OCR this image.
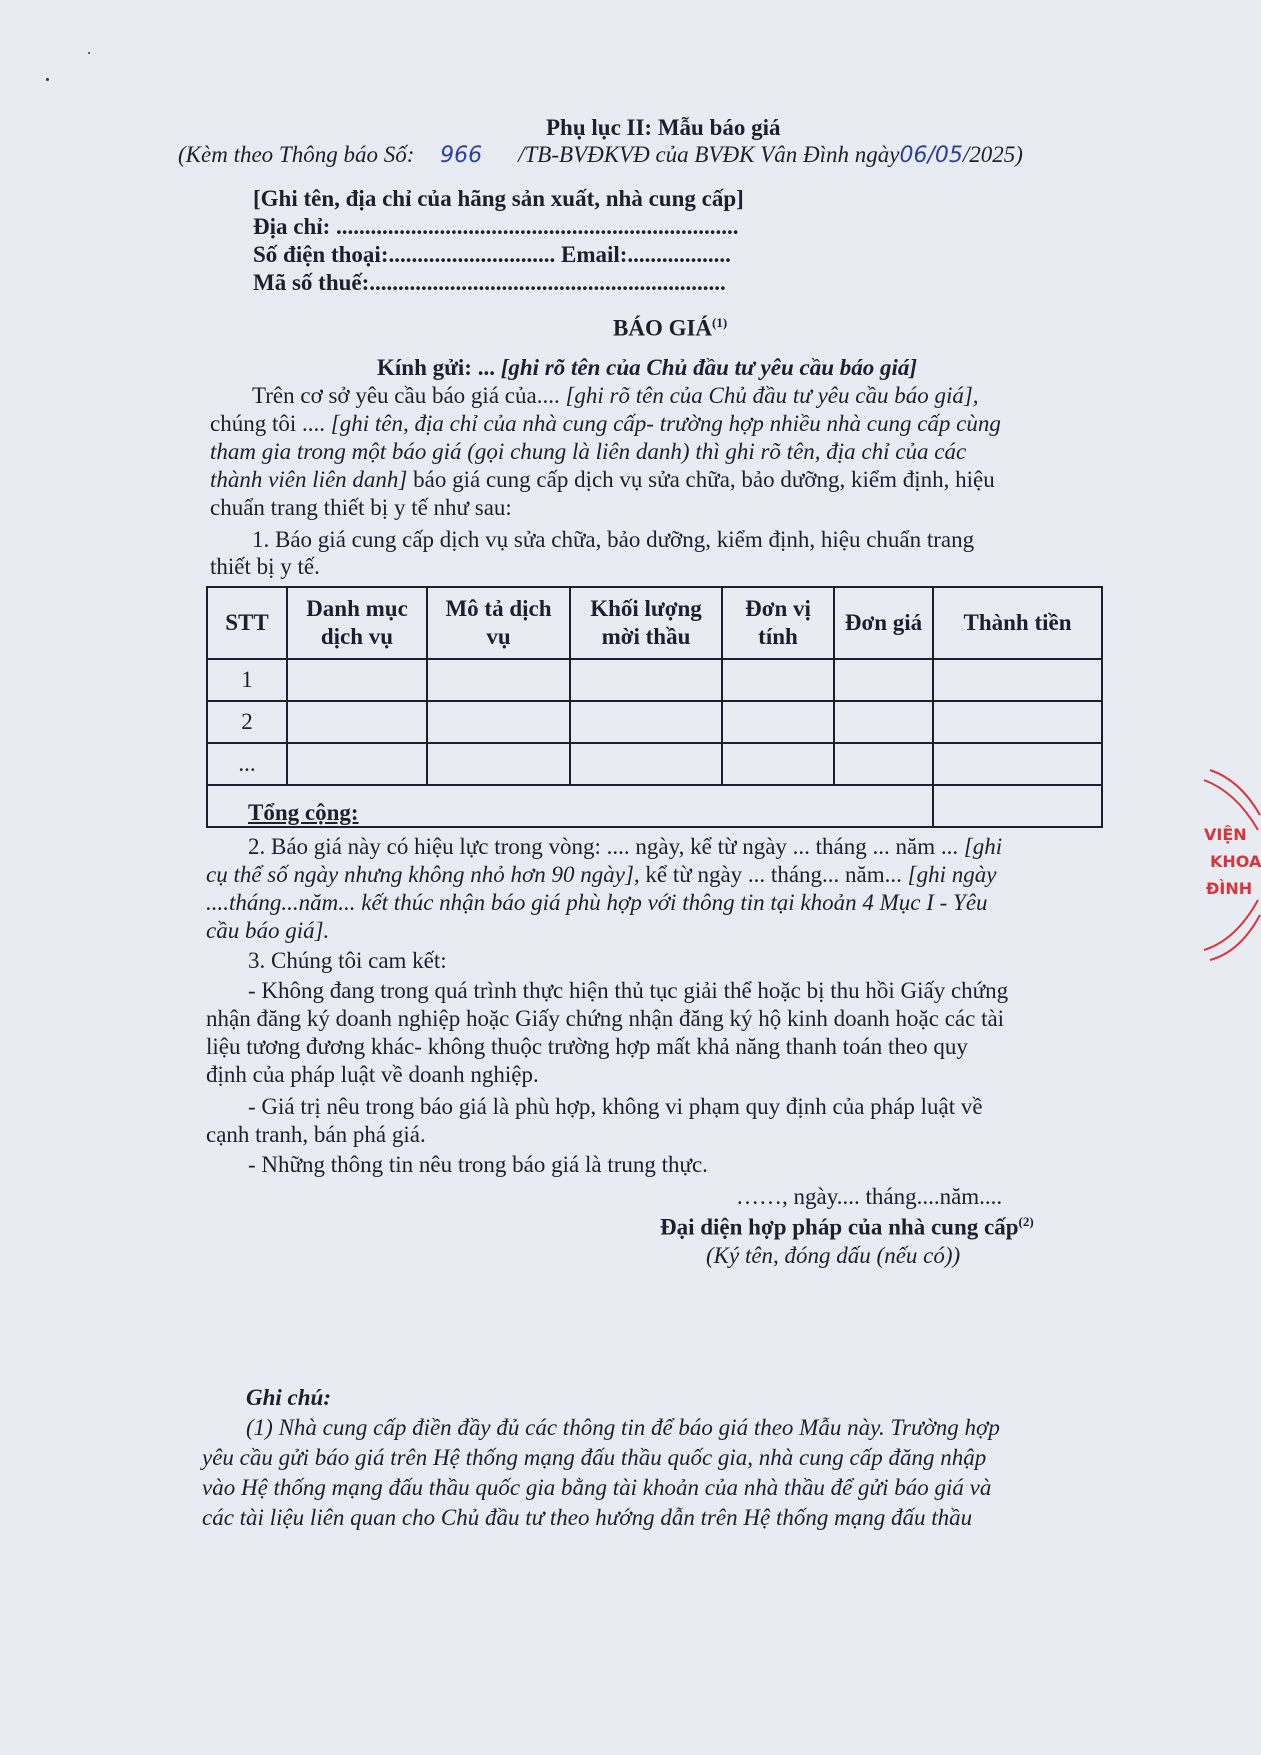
Phụ lục II: Mẫu báo giá
(Kèm theo Thông báo Số: 966 /TB-BVĐKVĐ của BVĐK Vân Đình ngày06/05/2025)
[Ghi tên, địa chỉ của hãng sản xuất, nhà cung cấp]
Địa chỉ: ......................................................................
Số điện thoại:............................. Email:..................
Mã số thuế:..............................................................
BÁO GIÁ$^{(1)}$
Kính gửi: ... [ghi rõ tên của Chủ đầu tư yêu cầu báo giá]
Trên cơ sở yêu cầu báo giá của.... [ghi rõ tên của Chủ đầu tư yêu cầu báo giá],
chúng tôi .... [ghi tên, địa chỉ của nhà cung cấp- trường hợp nhiều nhà cung cấp cùng
tham gia trong một báo giá (gọi chung là liên danh) thì ghi rõ tên, địa chỉ của các
thành viên liên danh] báo giá cung cấp dịch vụ sửa chữa, bảo dưỡng, kiểm định, hiệu
chuẩn trang thiết bị y tế như sau:
1. Báo giá cung cấp dịch vụ sửa chữa, bảo dưỡng, kiểm định, hiệu chuẩn trang
thiết bị y tế.
STT	Danh mục dịch vụ	Mô tả dịch vụ	Khối lượng mời thầu	Đơn vị tính	Đơn giá	Thành tiền
1						
2						
...						
Tổng cộng:						
2. Báo giá này có hiệu lực trong vòng: .... ngày, kể từ ngày ... tháng ... năm ... [ghi
cụ thể số ngày nhưng không nhỏ hơn 90 ngày], kể từ ngày ... tháng... năm... [ghi ngày
....tháng...năm... kết thúc nhận báo giá phù hợp với thông tin tại khoản 4 Mục I - Yêu
cầu báo giá].
3. Chúng tôi cam kết:
- Không đang trong quá trình thực hiện thủ tục giải thể hoặc bị thu hồi Giấy chứng
nhận đăng ký doanh nghiệp hoặc Giấy chứng nhận đăng ký hộ kinh doanh hoặc các tài
liệu tương đương khác- không thuộc trường hợp mất khả năng thanh toán theo quy
định của pháp luật về doanh nghiệp.
- Giá trị nêu trong báo giá là phù hợp, không vi phạm quy định của pháp luật về
cạnh tranh, bán phá giá.
- Những thông tin nêu trong báo giá là trung thực.
……, ngày.... tháng....năm....
Đại diện hợp pháp của nhà cung cấp$^{(2)}$
(Ký tên, đóng dấu (nếu có))
Ghi chú:
(1) Nhà cung cấp điền đầy đủ các thông tin để báo giá theo Mẫu này. Trường hợp
yêu cầu gửi báo giá trên Hệ thống mạng đấu thầu quốc gia, nhà cung cấp đăng nhập
vào Hệ thống mạng đấu thầu quốc gia bằng tài khoản của nhà thầu để gửi báo giá và
các tài liệu liên quan cho Chủ đầu tư theo hướng dẫn trên Hệ thống mạng đấu thầu
VIỆN
KHOA
ĐÌNH
